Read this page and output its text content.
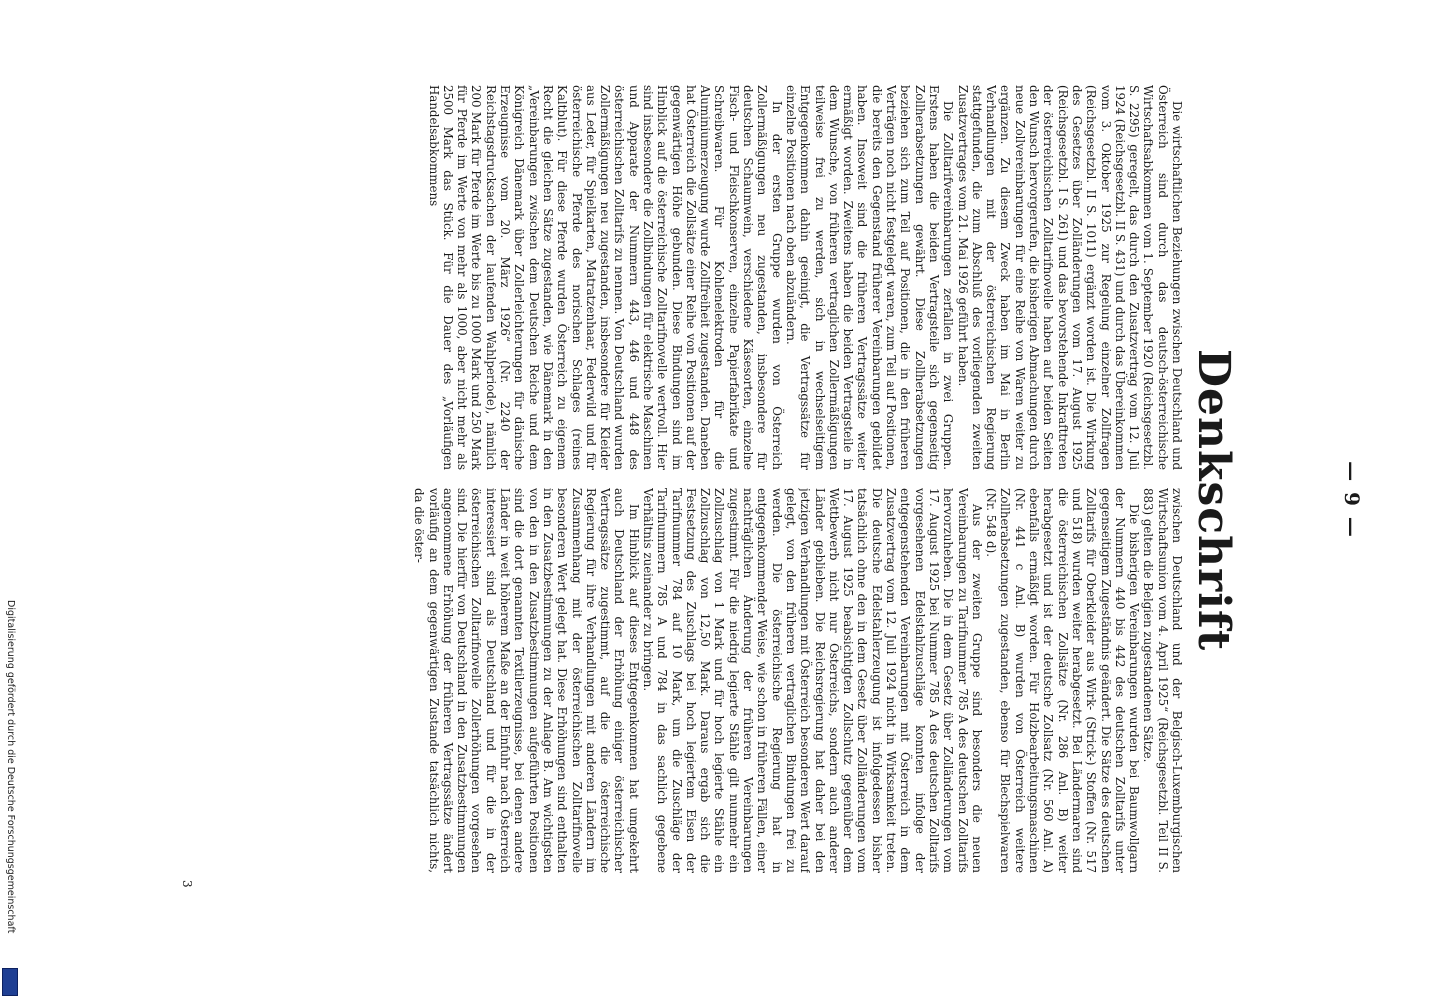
— 9 —
Denkschrift

Die wirtschaftlichen Beziehungen zwischen Deutschland und Österreich sind durch das deutsch-österreichische Wirtschaftsabkommen vom 1. September 1920 (Reichsgesetzbl. S. 2295) geregelt, das durch den Zusatzvertrag vom 12. Juli 1924 (Reichsgesetzbl. II S. 431) und durch das Übereinkommen vom 3. Oktober 1925 zur Regelung einzelner Zollfragen (Reichsgesetzbl. II S. 1011) ergänzt worden ist. Die Wirkung des Gesetzes über Zolländerungen vom 17. August 1925 (Reichsgesetzbl. I S. 261) und das bevorstehende Inkrafttreten der österreichischen Zolltarifnovelle haben auf beiden Seiten den Wunsch hervorgerufen, die bisherigen Abmachungen durch neue Zollvereinbarungen für eine Reihe von Waren weiter zu ergänzen. Zu diesem Zweck haben im Mai in Berlin Verhandlungen mit der österreichischen Regierung stattgefunden, die zum Abschluß des vorliegenden zweiten Zusatzvertrages vom 21. Mai 1926 geführt haben.

Die Zolltarifvereinbarungen zerfallen in zwei Gruppen. Erstens haben die beiden Vertragsteile sich gegenseitig Zollherabsetzungen gewährt. Diese Zollherabsetzungen beziehen sich zum Teil auf Positionen, die in den früheren Verträgen noch nicht festgelegt waren, zum Teil auf Positionen, die bereits den Gegenstand früherer Vereinbarungen gebildet haben. Insoweit sind die früheren Vertragssätze weiter ermäßigt worden. Zweitens haben die beiden Vertragsteile in dem Wunsche, von früheren vertraglichen Zollermäßigungen teilweise frei zu werden, sich in wechselseitigem Entgegenkommen dahin geeinigt, die Vertragssätze für einzelne Positionen nach oben abzuändern.

In der ersten Gruppe wurden von Österreich Zollermäßigungen neu zugestanden, insbesondere für deutschen Schaumwein, verschiedene Käsesorten, einzelne Fisch- und Fleischkonserven, einzelne Papierfabrikate und Schreibwaren. Für Kohlenelektroden für die Aluminiumerzeugung wurde Zollfreiheit zugestanden. Daneben hat Österreich die Zollsätze einer Reihe von Positionen auf der gegenwärtigen Höhe gebunden. Diese Bindungen sind im Hinblick auf die österreichische Zolltarifnovelle wertvoll. Hier sind insbesondere die Zollbindungen für elektrische Maschinen und Apparate der Nummern 443, 446 und 448 des österreichischen Zolltarifs zu nennen. Von Deutschland wurden Zollermäßigungen neu zugestanden, insbesondere für Kleider aus Leder, für Spielkarten, Matratzenhaar, Federwild und für österreichische Pferde des norischen Schlages (reines Kaltblut). Für diese Pferde wurden Österreich zu eigenem Recht die gleichen Sätze zugestanden, wie Dänemark in den „Vereinbarungen zwischen dem Deutschen Reiche und dem Königreich Dänemark über Zollerleichterungen für dänische Erzeugnisse vom 20. März 1926“ (Nr. 2240 der Reichstagsdrucksachen der laufenden Wahlperiode), nämlich 200 Mark für Pferde im Werte bis zu 1000 Mark und 250 Mark für Pferde im Werte von mehr als 1000, aber nicht mehr als 2500 Mark das Stück. Für die Dauer des „Vorläufigen Handelsabkommens

zwischen Deutschland und der Belgisch-Luxemburgischen Wirtschaftsunion vom 4. April 1925“ (Reichsgesetzbl. Teil II S. 883) gelten die Belgien zugestandenen Sätze.

Die bisherigen Vereinbarungen wurden bei Baumwollgarn der Nummern 440 bis 442 des deutschen Zolltarifs unter gegenseitigem Zugeständnis geändert. Die Sätze des deutschen Zolltarifs für Oberkleider aus Wirk- (Strick-) Stoffen (Nr. 517 und 518) wurden weiter herabgesetzt. Bei Ländermaren sind die österreichischen Zollsätze (Nr. 286 Anl. B) weiter herabgesetzt und ist der deutsche Zollsatz (Nr. 560 Anl. A) ebenfalls ermäßigt worden. Für Holzbearbeitungsmaschinen (Nr. 441 c Anl. B) wurden von Österreich weitere Zollherabsetzungen zugestanden, ebenso für Blechspielwaren (Nr. 548 d).

Aus der zweiten Gruppe sind besonders die neuen Vereinbarungen zu Tarifnummer 785 A des deutschen Zolltarifs hervorzuheben. Die in dem Gesetz über Zolländerungen vom 17. August 1925 bei Nummer 785 A des deutschen Zolltarifs vorgesehenen Edelstahlzuschläge konnten infolge der entgegenstehenden Vereinbarungen mit Österreich in dem Zusatzvertrag vom 12. Juli 1924 nicht in Wirksamkeit treten. Die deutsche Edelstahlerzeugung ist infolgedessen bisher tatsächlich ohne den in dem Gesetz über Zolländerungen vom 17. August 1925 beabsichtigten Zollschutz gegenüber dem Wettbewerb nicht nur Österreichs, sondern auch anderer Länder geblieben. Die Reichsregierung hat daher bei den jetzigen Verhandlungen mit Österreich besonderen Wert darauf gelegt, von den früheren vertraglichen Bindungen frei zu werden. Die österreichische Regierung hat in entgegenkommender Weise, wie schon in früheren Fällen, einer nachträglichen Änderung der früheren Vereinbarungen zugestimmt. Für die niedrig legierte Stähle gilt nunmehr ein Zollzuschlag von 1 Mark und für hoch legierte Stähle ein Zollzuschlag von 12,50 Mark. Daraus ergab sich die Festsetzung des Zuschlags bei hoch legiertem Eisen der Tarifnummer 784 auf 10 Mark, um die Zuschläge der Tarifnummern 785 A und 784 in das sachlich gegebene Verhältnis zueinander zu bringen.

Im Hinblick auf dieses Entgegenkommen hat umgekehrt auch Deutschland der Erhöhung einiger österreichischer Vertragssätze zugestimmt, auf die die österreichische Regierung für ihre Verhandlungen mit anderen Ländern im Zusammenhang mit der österreichischen Zolltarifnovelle besonderen Wert gelegt hat. Diese Erhöhungen sind enthalten in den Zusatzbestimmungen zu der Anlage B. Am wichtigsten von den in den Zusatzbestimmungen aufgeführten Positionen sind die dort genannten Textilerzeugnisse, bei denen andere Länder in weit höherem Maße an der Einfuhr nach Österreich interessiert sind als Deutschland und für die in der österreichischen Zolltarifnovelle Zollerhöhungen vorgesehen sind. Die hierfür von Deutschland in den Zusatzbestimmungen angenommene Erhöhung der früheren Vertragssätze ändert vorläufig an dem gegenwärtigen Zustande tatsächlich nichts, da die öster-

3
Digitalisierung gefördert durch die Deutsche Forschungsgemeinschaft
